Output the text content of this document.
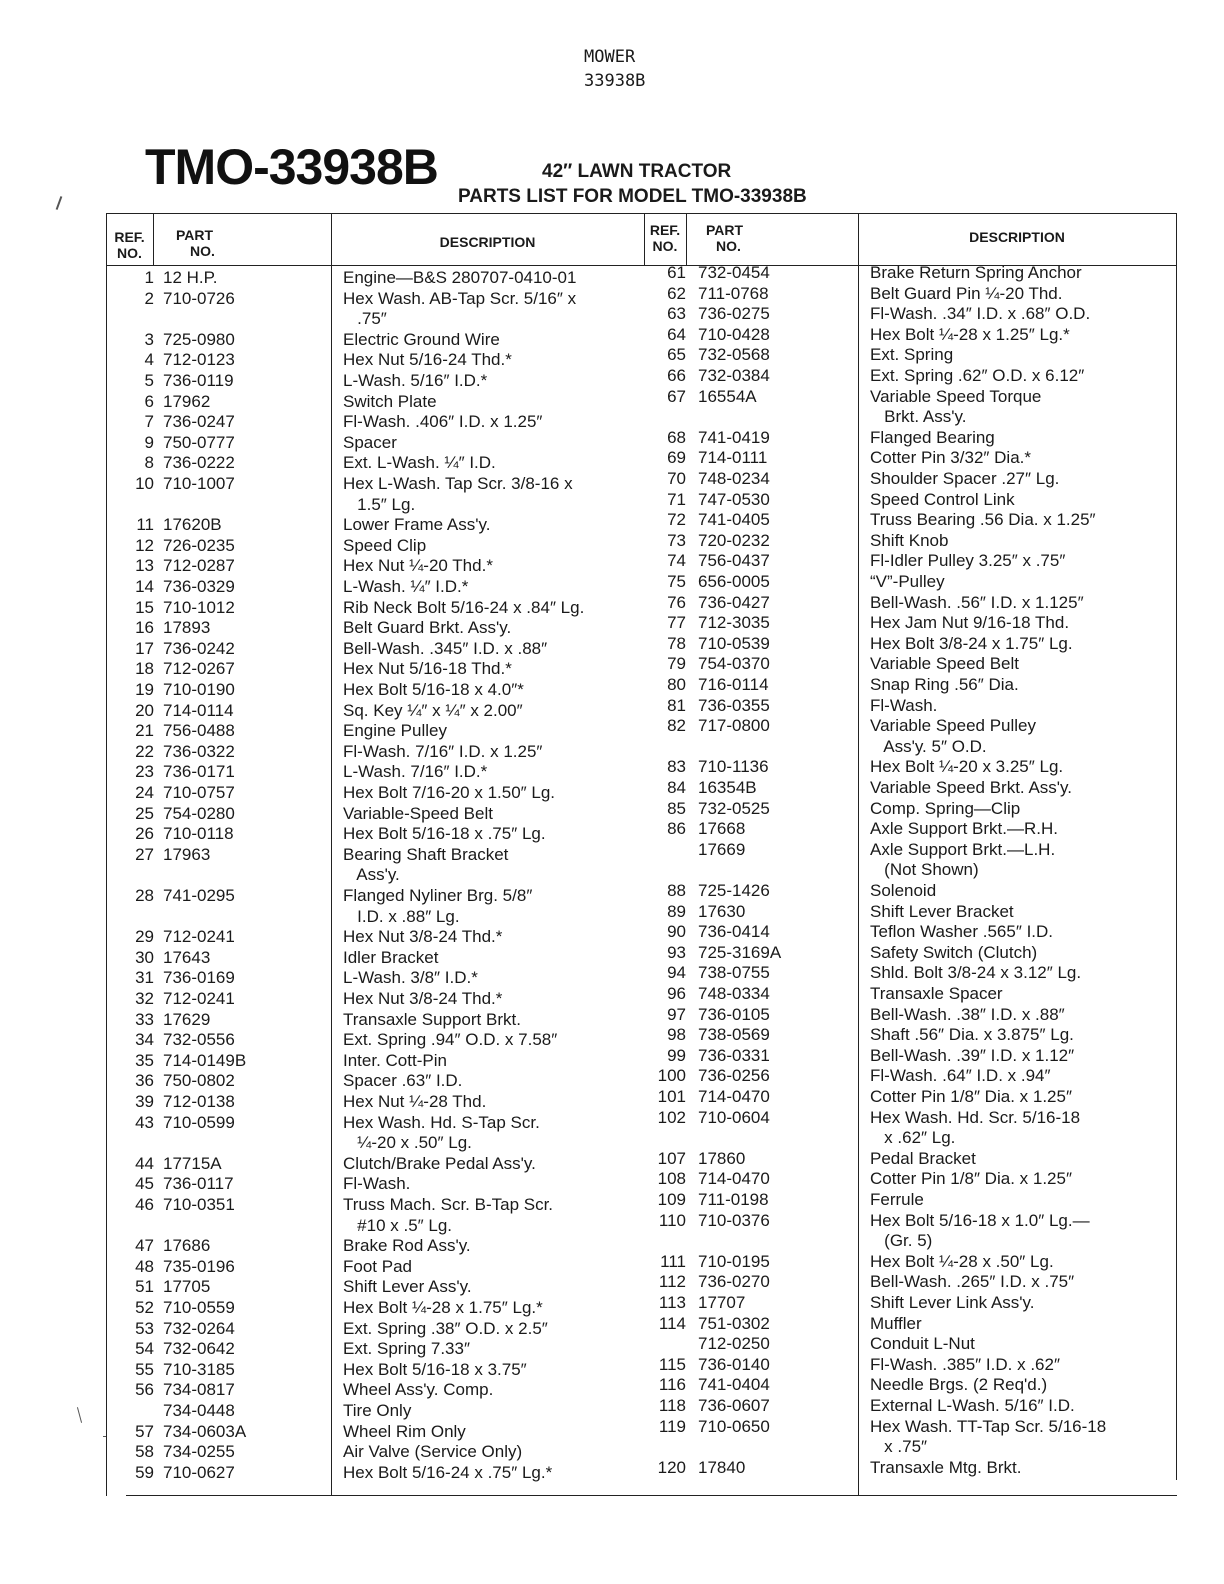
MOWER
33938B
TMO-33938B	42″ LAWN TRACTOR
PARTS LIST FOR MODEL TMO-33938B
REF.
NO.
PART
NO.
DESCRIPTION
REF.
NO.
PART
NO.
DESCRIPTION
1 12 H.P.	Engine—B&S 280707-0410-01
2 710-0726	Hex Wash. AB-Tap Scr. 5/16″ x
.75″
3 725-0980	Electric Ground Wire
4 712-0123	Hex Nut 5/16-24 Thd.*
5 736-0119	L-Wash. 5/16″ I.D.*
6 17962	Switch Plate
7 736-0247	Fl-Wash. .406″ I.D. x 1.25″
9 750-0777	Spacer
8 736-0222	Ext. L-Wash. ¼″ I.D.
10 710-1007	Hex L-Wash. Tap Scr. 3/8-16 x
1.5″ Lg.
11 17620B	Lower Frame Ass'y.
12 726-0235	Speed Clip
13 712-0287	Hex Nut ¼-20 Thd.*
14 736-0329	L-Wash. ¼″ I.D.*
15 710-1012	Rib Neck Bolt 5/16-24 x .84″ Lg.
16 17893	Belt Guard Brkt. Ass'y.
17 736-0242	Bell-Wash. .345″ I.D. x .88″
18 712-0267	Hex Nut 5/16-18 Thd.*
19 710-0190	Hex Bolt 5/16-18 x 4.0″*
20 714-0114	Sq. Key ¼″ x ¼″ x 2.00″
21 756-0488	Engine Pulley
22 736-0322	Fl-Wash. 7/16″ I.D. x 1.25″
23 736-0171	L-Wash. 7/16″ I.D.*
24 710-0757	Hex Bolt 7/16-20 x 1.50″ Lg.
25 754-0280	Variable-Speed Belt
26 710-0118	Hex Bolt 5/16-18 x .75″ Lg.
27 17963	Bearing Shaft Bracket
Ass'y.
28 741-0295	Flanged Nyliner Brg. 5/8″
I.D. x .88″ Lg.
29 712-0241	Hex Nut 3/8-24 Thd.*
30 17643	Idler Bracket
31 736-0169	L-Wash. 3/8″ I.D.*
32 712-0241	Hex Nut 3/8-24 Thd.*
33 17629	Transaxle Support Brkt.
34 732-0556	Ext. Spring .94″ O.D. x 7.58″
35 714-0149B	Inter. Cott-Pin
36 750-0802	Spacer .63″ I.D.
39 712-0138	Hex Nut ¼-28 Thd.
43 710-0599	Hex Wash. Hd. S-Tap Scr.
¼-20 x .50″ Lg.
44 17715A	Clutch/Brake Pedal Ass'y.
45 736-0117	Fl-Wash.
46 710-0351	Truss Mach. Scr. B-Tap Scr.
#10 x .5″ Lg.
47 17686	Brake Rod Ass'y.
48 735-0196	Foot Pad
51 17705	Shift Lever Ass'y.
52 710-0559	Hex Bolt ¼-28 x 1.75″ Lg.*
53 732-0264	Ext. Spring .38″ O.D. x 2.5″
54 732-0642	Ext. Spring 7.33″
55 710-3185	Hex Bolt 5/16-18 x 3.75″
56 734-0817	Wheel Ass'y. Comp.
734-0448	Tire Only
57 734-0603A	Wheel Rim Only
58 734-0255	Air Valve (Service Only)
59 710-0627	Hex Bolt 5/16-24 x .75″ Lg.*
61 732-0454	Brake Return Spring Anchor
62 711-0768	Belt Guard Pin ¼-20 Thd.
63 736-0275	Fl-Wash. .34″ I.D. x .68″ O.D.
64 710-0428	Hex Bolt ¼-28 x 1.25″ Lg.*
65 732-0568	Ext. Spring
66 732-0384	Ext. Spring .62″ O.D. x 6.12″
67 16554A	Variable Speed Torque
Brkt. Ass'y.
68 741-0419	Flanged Bearing
69 714-0111	Cotter Pin 3/32″ Dia.*
70 748-0234	Shoulder Spacer .27″ Lg.
71 747-0530	Speed Control Link
72 741-0405	Truss Bearing .56 Dia. x 1.25″
73 720-0232	Shift Knob
74 756-0437	Fl-Idler Pulley 3.25″ x .75″
75 656-0005	“V”-Pulley
76 736-0427	Bell-Wash. .56″ I.D. x 1.125″
77 712-3035	Hex Jam Nut 9/16-18 Thd.
78 710-0539	Hex Bolt 3/8-24 x 1.75″ Lg.
79 754-0370	Variable Speed Belt
80 716-0114	Snap Ring .56″ Dia.
81 736-0355	Fl-Wash.
82 717-0800	Variable Speed Pulley
Ass'y. 5″ O.D.
83 710-1136	Hex Bolt ¼-20 x 3.25″ Lg.
84 16354B	Variable Speed Brkt. Ass'y.
85 732-0525	Comp. Spring—Clip
86 17668	Axle Support Brkt.—R.H.
17669	Axle Support Brkt.—L.H.
(Not Shown)
88 725-1426	Solenoid
89 17630	Shift Lever Bracket
90 736-0414	Teflon Washer .565″ I.D.
93 725-3169A	Safety Switch (Clutch)
94 738-0755	Shld. Bolt 3/8-24 x 3.12″ Lg.
96 748-0334	Transaxle Spacer
97 736-0105	Bell-Wash. .38″ I.D. x .88″
98 738-0569	Shaft .56″ Dia. x 3.875″ Lg.
99 736-0331	Bell-Wash. .39″ I.D. x 1.12″
100 736-0256	Fl-Wash. .64″ I.D. x .94″
101 714-0470	Cotter Pin 1/8″ Dia. x 1.25″
102 710-0604	Hex Wash. Hd. Scr. 5/16-18
x .62″ Lg.
107 17860	Pedal Bracket
108 714-0470	Cotter Pin 1/8″ Dia. x 1.25″
109 711-0198	Ferrule
110 710-0376	Hex Bolt 5/16-18 x 1.0″ Lg.—
(Gr. 5)
111 710-0195	Hex Bolt ¼-28 x .50″ Lg.
112 736-0270	Bell-Wash. .265″ I.D. x .75″
113 17707	Shift Lever Link Ass'y.
114 751-0302	Muffler
712-0250	Conduit L-Nut
115 736-0140	Fl-Wash. .385″ I.D. x .62″
116 741-0404	Needle Brgs. (2 Req'd.)
118 736-0607	External L-Wash. 5/16″ I.D.
119 710-0650	Hex Wash. TT-Tap Scr. 5/16-18
x .75″
120 17840	Transaxle Mtg. Brkt.
